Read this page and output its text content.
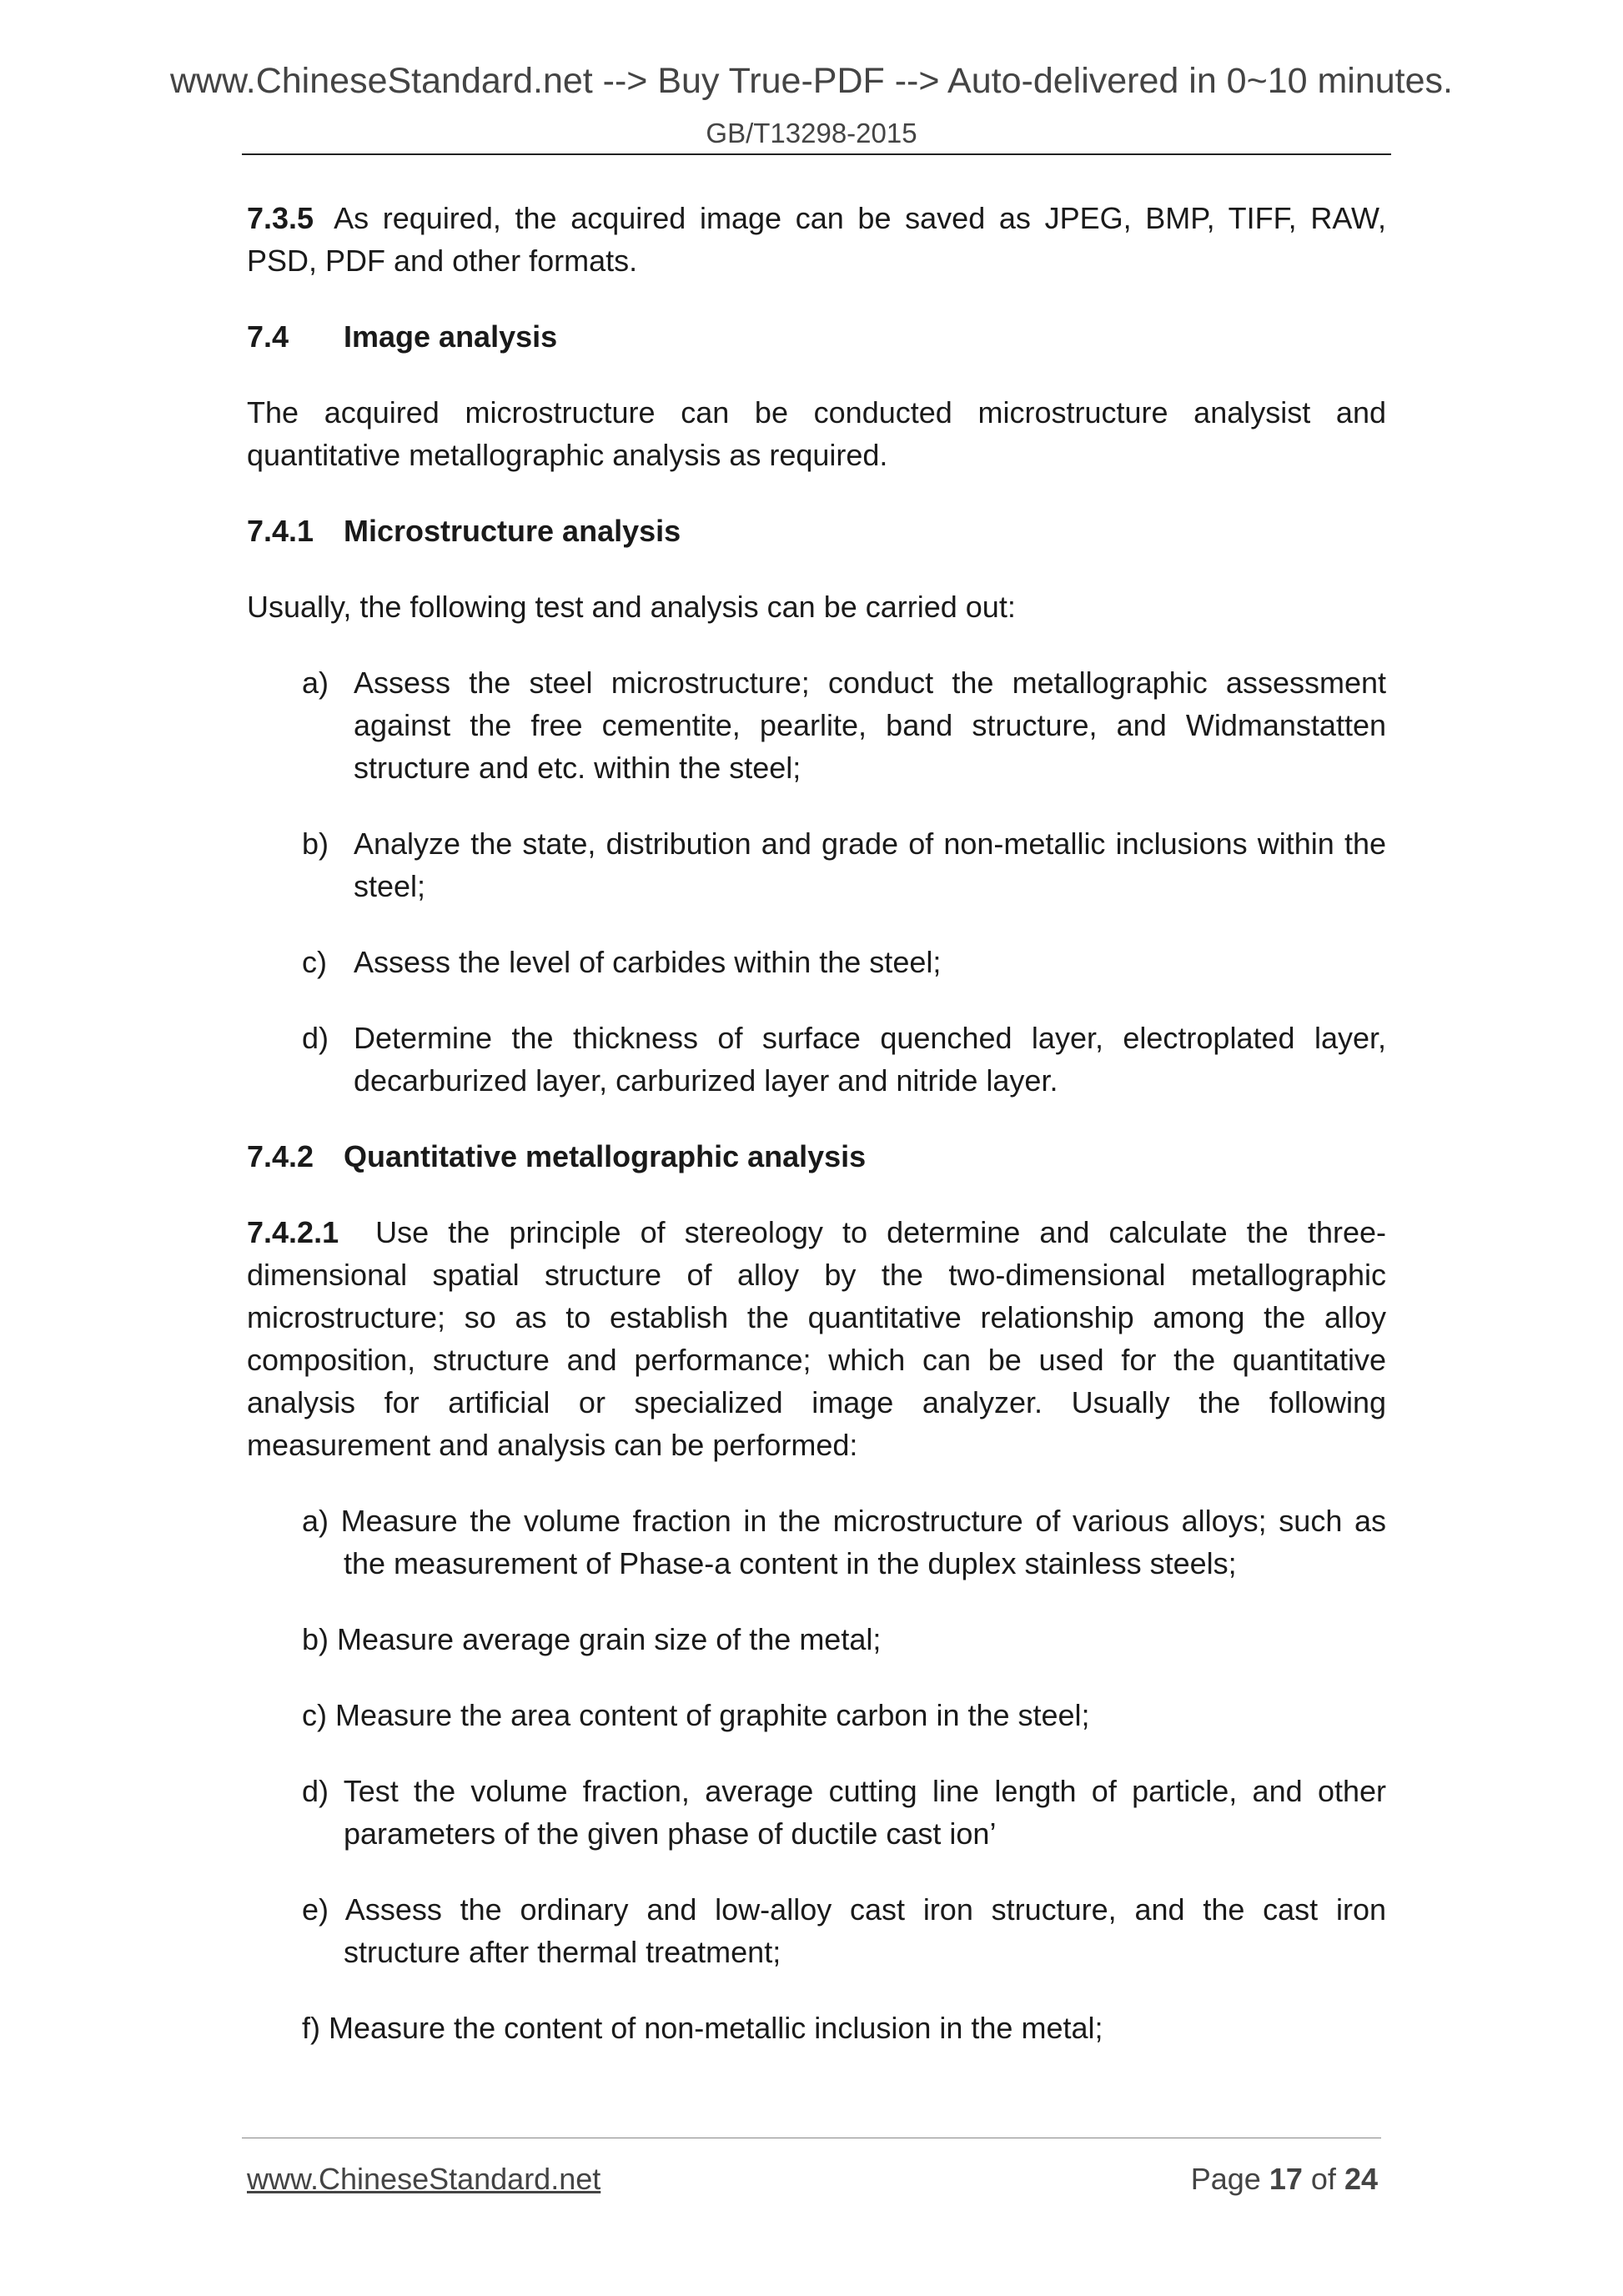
www.ChineseStandard.net --> Buy True-PDF --> Auto-delivered in 0~10 minutes.
GB/T13298-2015

7.3.5 As required, the acquired image can be saved as JPEG, BMP, TIFF, RAW, PSD, PDF and other formats.

7.4 Image analysis

The acquired microstructure can be conducted microstructure analysist and quantitative metallographic analysis as required.

7.4.1 Microstructure analysis

Usually, the following test and analysis can be carried out:

a) Assess the steel microstructure; conduct the metallographic assessment against the free cementite, pearlite, band structure, and Widmanstatten structure and etc. within the steel;
b) Analyze the state, distribution and grade of non-metallic inclusions within the steel;
c) Assess the level of carbides within the steel;
d) Determine the thickness of surface quenched layer, electroplated layer, decarburized layer, carburized layer and nitride layer.

7.4.2 Quantitative metallographic analysis

7.4.2.1 Use the principle of stereology to determine and calculate the three-dimensional spatial structure of alloy by the two-dimensional metallographic microstructure; so as to establish the quantitative relationship among the alloy composition, structure and performance; which can be used for the quantitative analysis for artificial or specialized image analyzer. Usually the following measurement and analysis can be performed:

a) Measure the volume fraction in the microstructure of various alloys; such as the measurement of Phase-a content in the duplex stainless steels;
b) Measure average grain size of the metal;
c) Measure the area content of graphite carbon in the steel;
d) Test the volume fraction, average cutting line length of particle, and other parameters of the given phase of ductile cast ion’
e) Assess the ordinary and low-alloy cast iron structure, and the cast iron structure after thermal treatment;
f) Measure the content of non-metallic inclusion in the metal;
www.ChineseStandard.net	Page 17 of 24
